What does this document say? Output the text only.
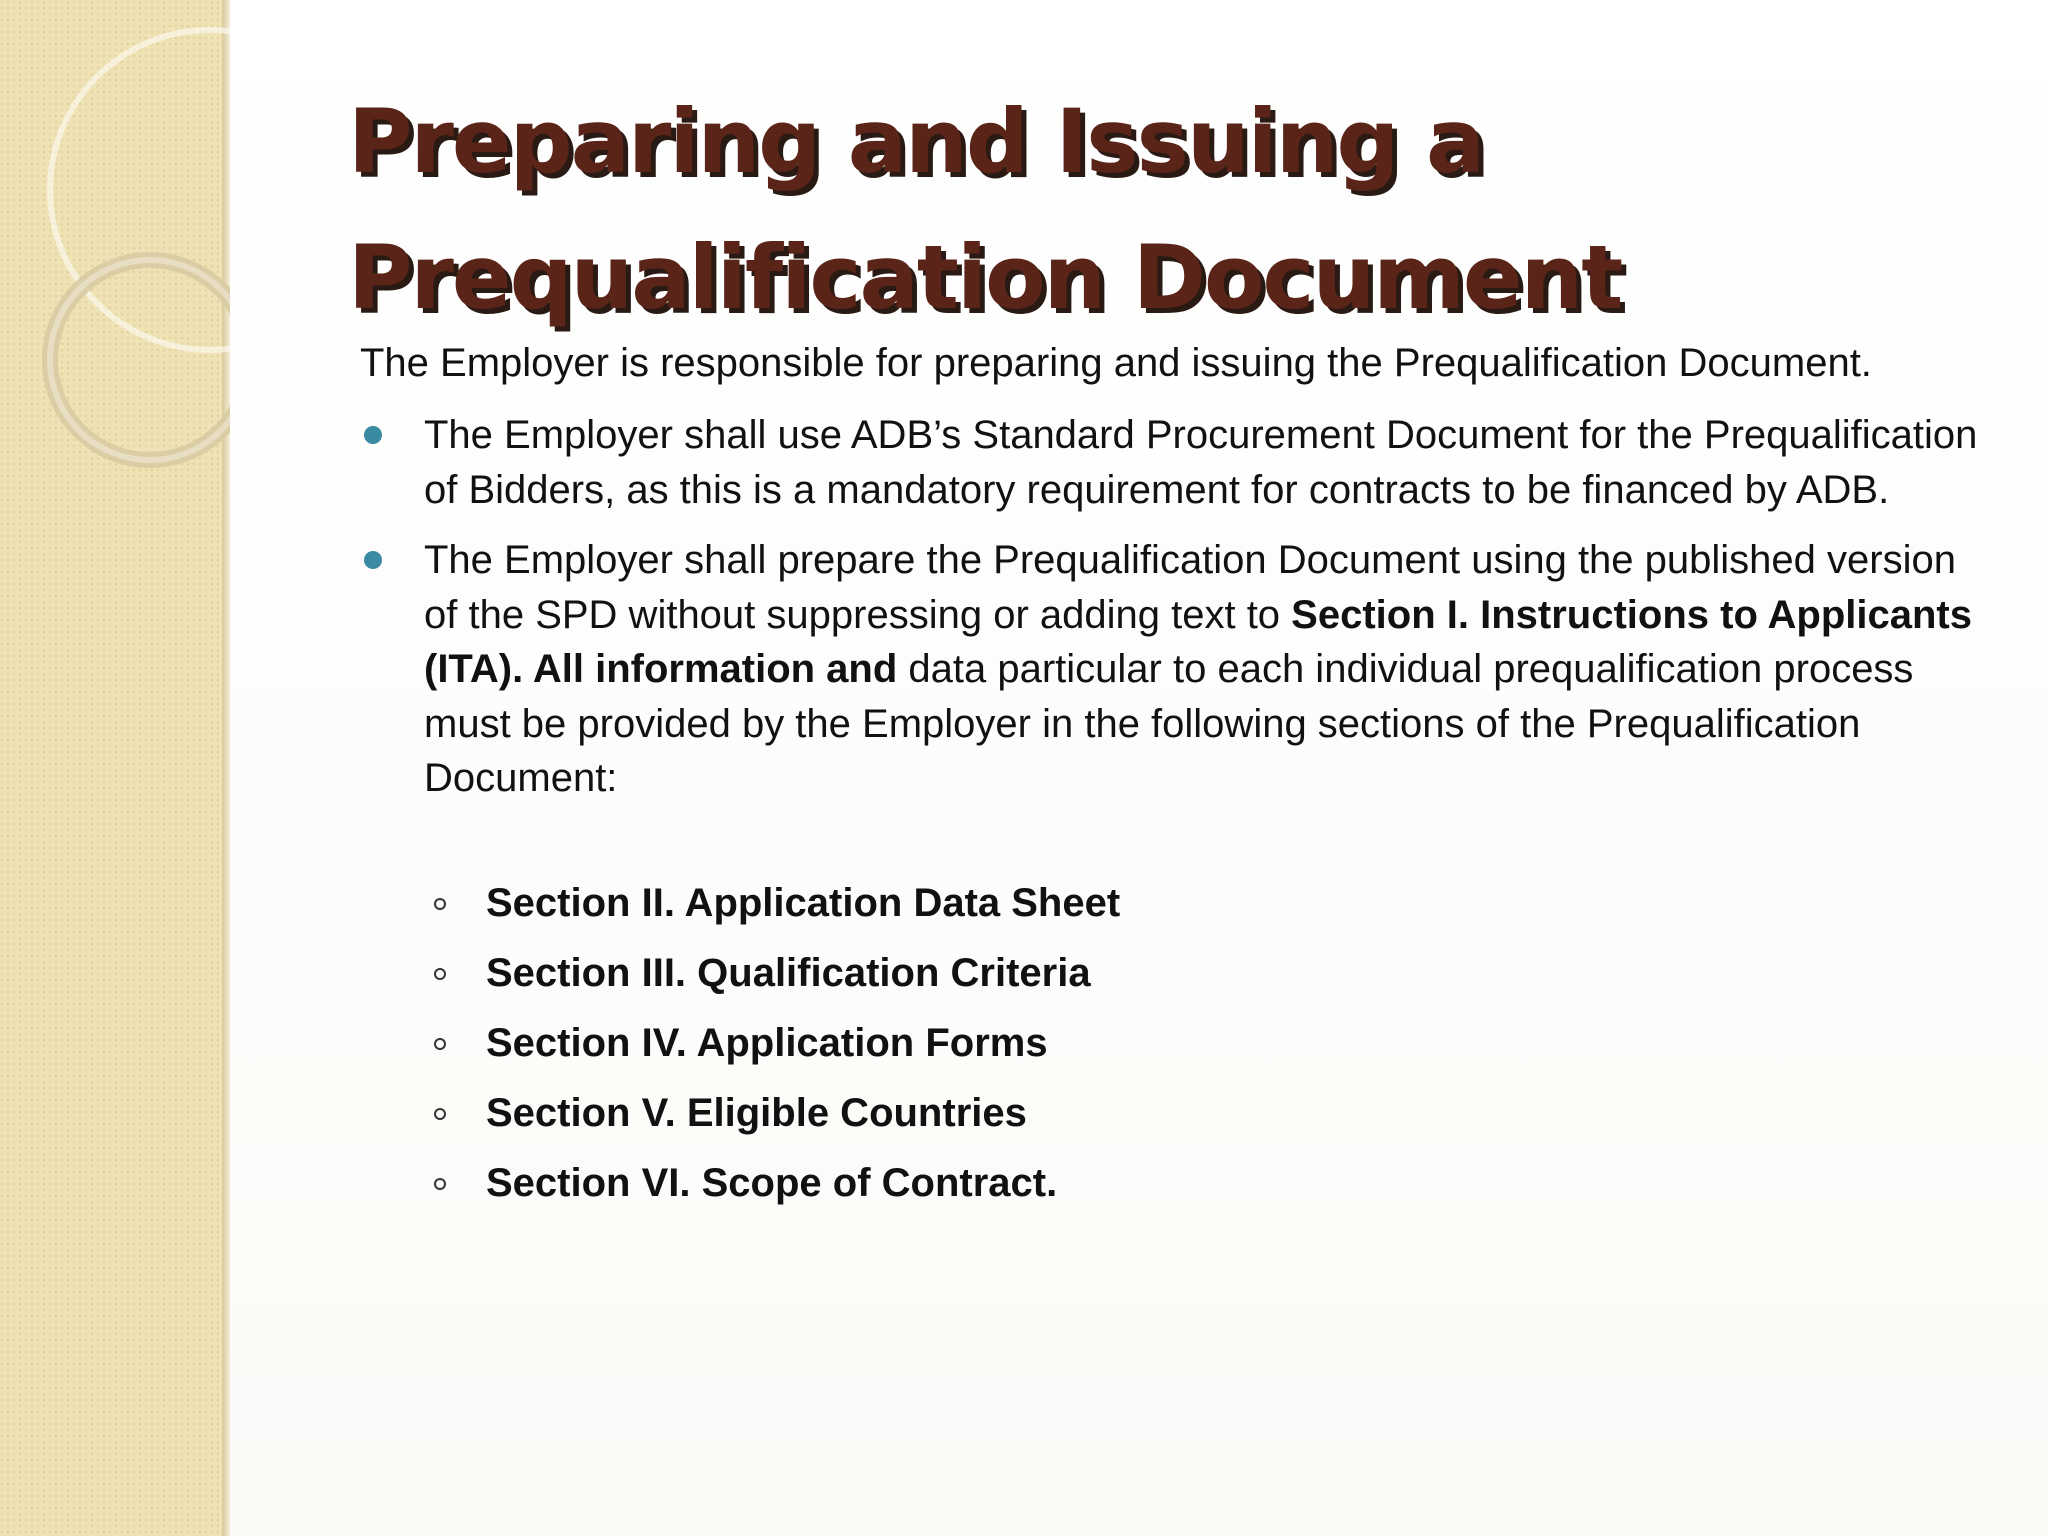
Preparing and Issuing a
Prequalification Document

The Employer is responsible for preparing and issuing the Prequalification Document.

The Employer shall use ADB’s Standard Procurement Document for the Prequalification of Bidders, as this is a mandatory requirement for contracts to be financed by ADB.
The Employer shall prepare the Prequalification Document using the published version of the SPD without suppressing or adding text to Section I. Instructions to Applicants (ITA). All information and data particular to each individual prequalification process must be provided by the Employer in the following sections of the Prequalification Document:
Section II. Application Data Sheet
Section III. Qualification Criteria
Section IV. Application Forms
Section V. Eligible Countries
Section VI. Scope of Contract.
